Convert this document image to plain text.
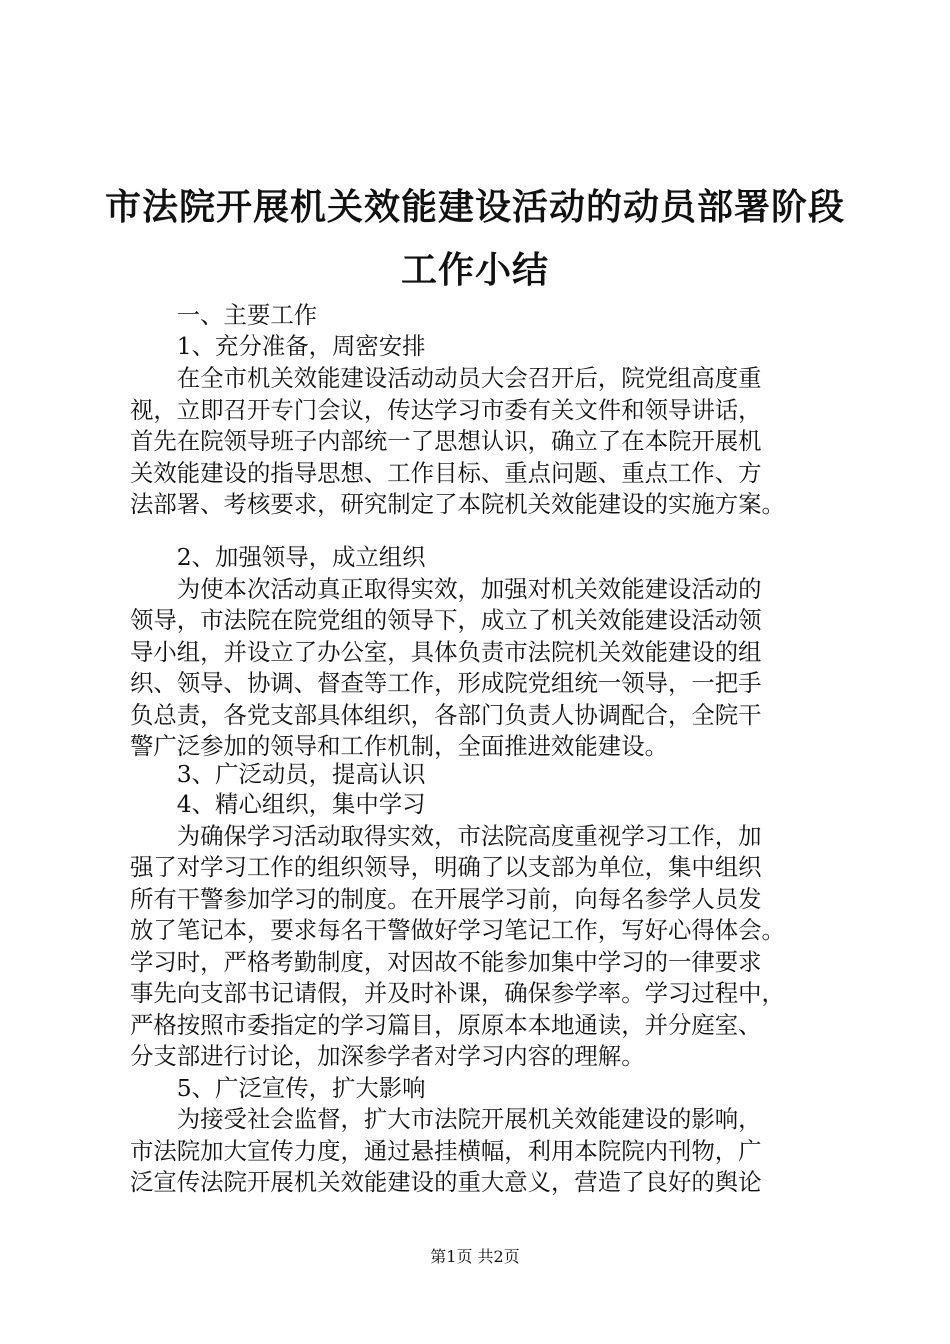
市法院开展机关效能建设活动的动员部署阶段
工作小结
　　一、主要工作
　　1、充分准备，周密安排
　　在全市机关效能建设活动动员大会召开后，院党组高度重
视，立即召开专门会议，传达学习市委有关文件和领导讲话，
首先在院领导班子内部统一了思想认识，确立了在本院开展机
关效能建设的指导思想、工作目标、重点问题、重点工作、方
法部署、考核要求，研究制定了本院机关效能建设的实施方案。
　　2、加强领导，成立组织
　　为使本次活动真正取得实效，加强对机关效能建设活动的
领导，市法院在院党组的领导下，成立了机关效能建设活动领
导小组，并设立了办公室，具体负责市法院机关效能建设的组
织、领导、协调、督查等工作，形成院党组统一领导，一把手
负总责，各党支部具体组织，各部门负责人协调配合，全院干
警广泛参加的领导和工作机制，全面推进效能建设。
　　3、广泛动员，提高认识
　　4、精心组织，集中学习
　　为确保学习活动取得实效，市法院高度重视学习工作，加
强了对学习工作的组织领导，明确了以支部为单位，集中组织
所有干警参加学习的制度。在开展学习前，向每名参学人员发
放了笔记本，要求每名干警做好学习笔记工作，写好心得体会。
学习时，严格考勤制度，对因故不能参加集中学习的一律要求
事先向支部书记请假，并及时补课，确保参学率。学习过程中，
严格按照市委指定的学习篇目，原原本本地通读，并分庭室、
分支部进行讨论，加深参学者对学习内容的理解。
　　5、广泛宣传，扩大影响
　　为接受社会监督，扩大市法院开展机关效能建设的影响，
市法院加大宣传力度，通过悬挂横幅，利用本院院内刊物，广
泛宣传法院开展机关效能建设的重大意义，营造了良好的舆论
第1页 共2页
